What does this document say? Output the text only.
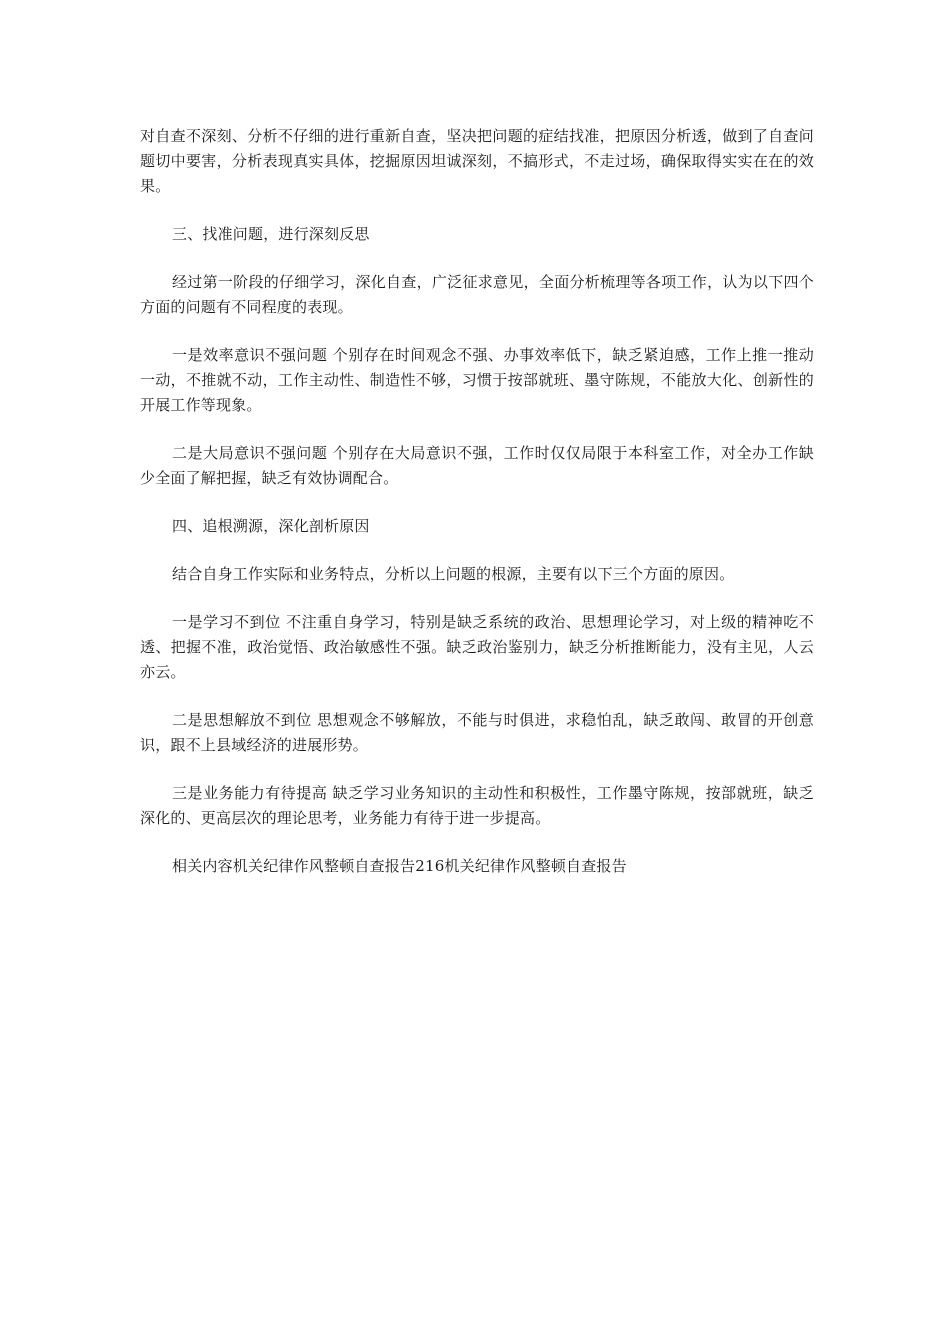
对自查不深刻、分析不仔细的进行重新自查，坚决把问题的症结找准，把原因分析透，做到了自查问题切中要害，分析表现真实具体，挖掘原因坦诚深刻，不搞形式，不走过场，确保取得实实在在的效果。

三、找准问题，进行深刻反思

经过第一阶段的仔细学习，深化自查，广泛征求意见，全面分析梳理等各项工作，认为以下四个方面的问题有不同程度的表现。

一是效率意识不强问题 个别存在时间观念不强、办事效率低下，缺乏紧迫感，工作上推一推动一动，不推就不动，工作主动性、制造性不够，习惯于按部就班、墨守陈规，不能放大化、创新性的开展工作等现象。

二是大局意识不强问题 个别存在大局意识不强，工作时仅仅局限于本科室工作，对全办工作缺少全面了解把握，缺乏有效协调配合。

四、追根溯源，深化剖析原因

结合自身工作实际和业务特点，分析以上问题的根源，主要有以下三个方面的原因。

一是学习不到位 不注重自身学习，特别是缺乏系统的政治、思想理论学习，对上级的精神吃不透、把握不准，政治觉悟、政治敏感性不强。缺乏政治鉴别力，缺乏分析推断能力，没有主见，人云亦云。

二是思想解放不到位 思想观念不够解放，不能与时俱进，求稳怕乱，缺乏敢闯、敢冒的开创意识，跟不上县域经济的进展形势。

三是业务能力有待提高 缺乏学习业务知识的主动性和积极性，工作墨守陈规，按部就班，缺乏深化的、更高层次的理论思考，业务能力有待于进一步提高。

相关内容机关纪律作风整顿自查报告216机关纪律作风整顿自查报告
